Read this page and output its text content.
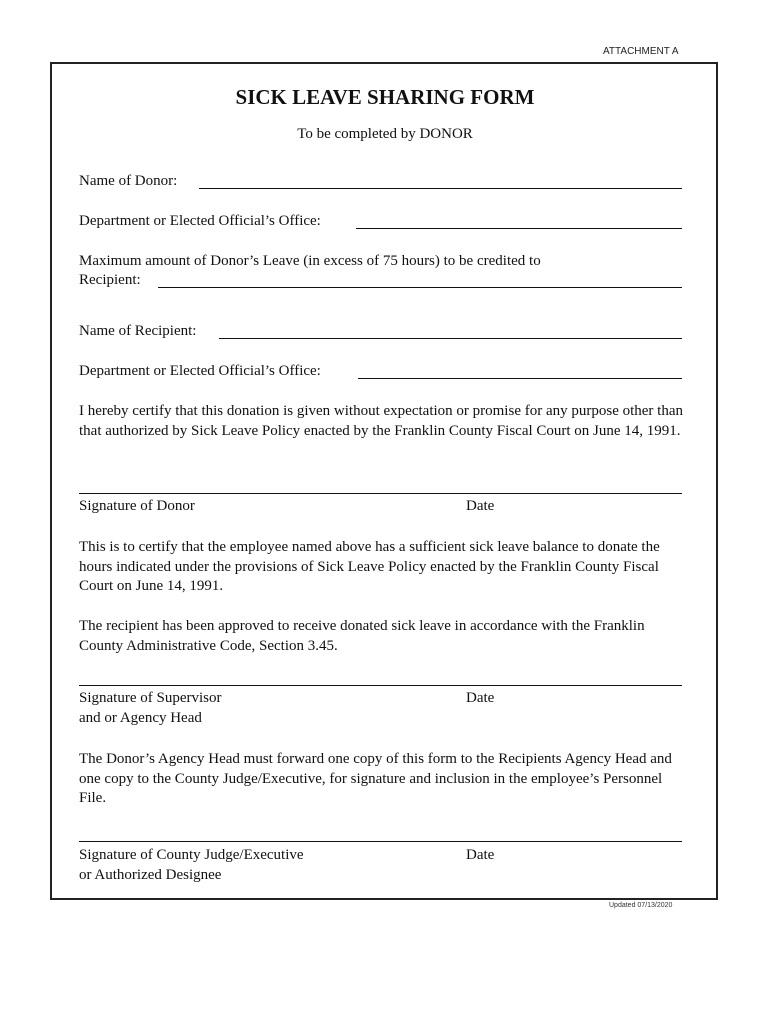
ATTACHMENT A
SICK LEAVE SHARING FORM
To be completed by DONOR
Name of Donor:
Department or Elected Official’s Office:
Maximum amount of Donor’s Leave (in excess of 75 hours) to be credited to
Recipient:
Name of Recipient:
Department or Elected Official’s Office:
I hereby certify that this donation is given without expectation or promise for any purpose other than that authorized by Sick Leave Policy enacted by the Franklin County Fiscal Court on June 14, 1991.
Signature of Donor	Date
This is to certify that the employee named above has a sufficient sick leave balance to donate the hours indicated under the provisions of Sick Leave Policy enacted by the Franklin County Fiscal Court on June 14, 1991.
The recipient has been approved to receive donated sick leave in accordance with the Franklin County Administrative Code, Section 3.45.
Signature of Supervisor
and or Agency Head
Date
The Donor’s Agency Head must forward one copy of this form to the Recipients Agency Head and one copy to the County Judge/Executive, for signature and inclusion in the employee’s Personnel File.
Signature of County Judge/Executive
or Authorized Designee
Date
Updated 07/13/2020
